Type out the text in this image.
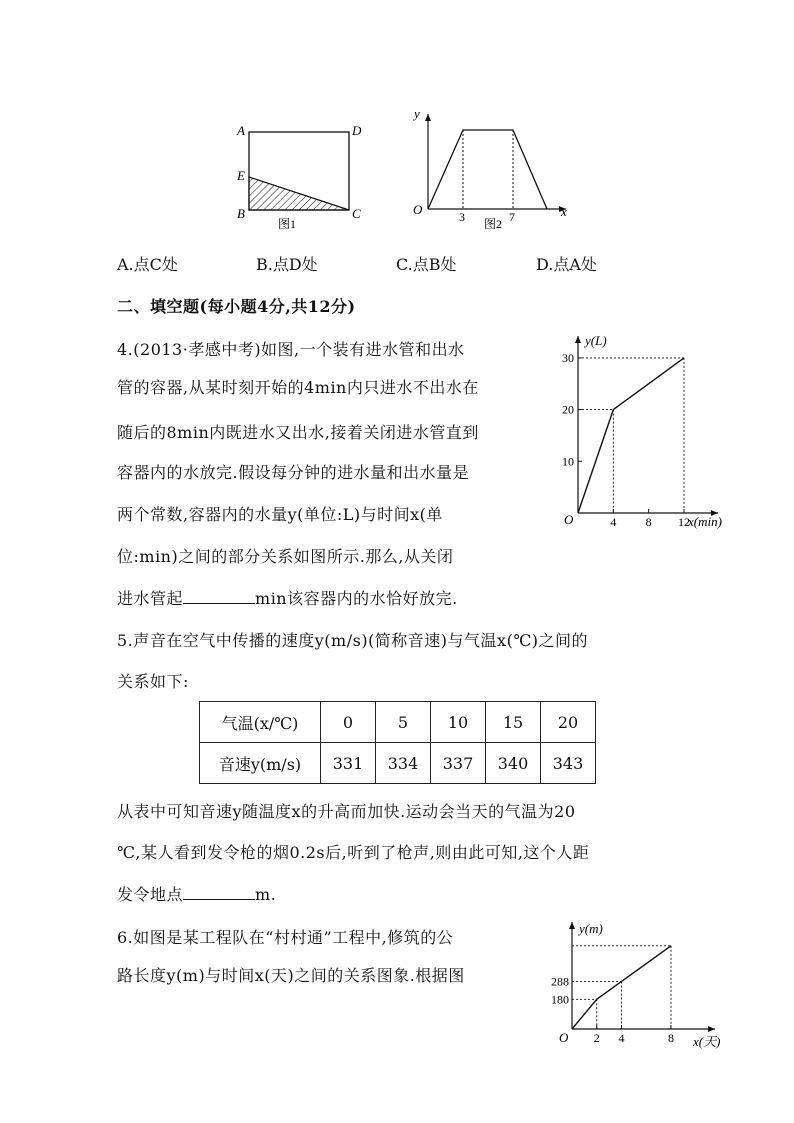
A	D
E
B	C
图1
y
x
O	3	7
图2
A.点C处	B.点D处	C.点B处	D.点A处
二、填空题(每小题4分,共12分)
4.(2013·孝感中考)如图,一个装有进水管和出水
管的容器,从某时刻开始的4min内只进水不出水在
随后的8min内既进水又出水,接着关闭进水管直到
容器内的水放完.假设每分钟的进水量和出水量是
两个常数,容器内的水量y(单位:L)与时间x(单
位:min)之间的部分关系如图所示.那么,从关闭
进水管起	min该容器内的水恰好放完.
10
20
30
4 8 12
y(L)
x(min)
O
5.声音在空气中传播的速度y(m/s)(简称音速)与气温x(℃)之间的
关系如下:
气温(x/℃)	0	5	10	15	20
音速y(m/s)	331	334	337	340	343
从表中可知音速y随温度x的升高而加快.运动会当天的气温为20
℃,某人看到发令枪的烟0.2s后,听到了枪声,则由此可知,这个人距
发令地点	m.
6.如图是某工程队在“村村通”工程中,修筑的公
路长度y(m)与时间x(天)之间的关系图象.根据图
180
288
2 4	8
y(m)
x(天)
O
